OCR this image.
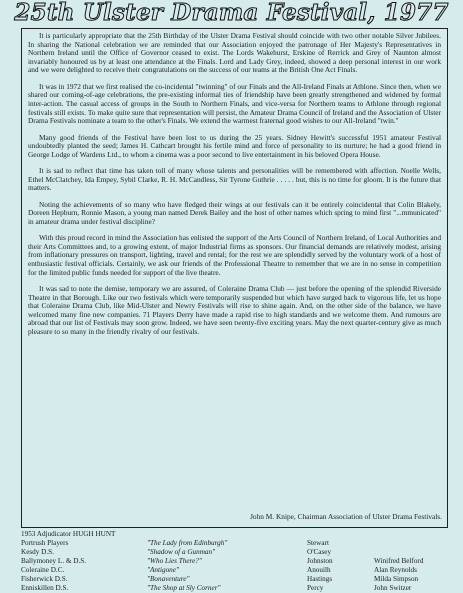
25th Ulster Drama Festival, 1977

It is particularly appropriate that the 25th Birthday of the Ulster Drama Festival should coincide with two other notable Silver Jubilees. In sharing the National celebration we are reminded that our Association enjoyed the patronage of Her Majesty's Representatives in Northern Ireland until the Office of Governor ceased to exist. The Lords Wakehurst, Erskine of Rerrick and Grey of Naunton almost invariably honoured us by at least one attendance at the Finals. Lord and Lady Grey, indeed, showed a deep personal interest in our work and we were delighted to receive their congratulations on the success of our teams at the British One Act Finals.

It was in 1972 that we first realised the co-incidental "twinning" of our Finals and the All-Ireland Finals at Athlone. Since then, when we shared our coming-of-age celebrations, the pre-existing informal ties of friendship have been greatly strengthened and widened by formal inter-action. The casual access of groups in the South to Northern Finals, and vice-versa for Northern teams to Athlone through regional festivals still exists. To make quite sure that representation will persist, the Amateur Drama Council of Ireland and the Association of Ulster Drama Festivals nominate a team to the other's Finals. We extend the warmest fraternal good wishes to our All-Ireland "twin."

Many good friends of the Festival have been lost to us during the 25 years. Sidney Hewitt's successful 1951 amateur Festival undoubtedly planted the seed; James H. Cathcart brought his fertile mind and force of personality to its nurture; he had a good friend in George Lodge of Wardens Ltd., to whom a cinema was a poor second to live entertainment in his beloved Opera House.

It is sad to reflect that time has taken toll of many whose talents and personalities will be remembered with affection. Noelle Wells, Ethel McClatchey, Ida Empey, Sybil Clarke, R. H. McCandless, Sir Tyrone Guthrie . . . . . but, this is no time for gloom. It is the future that matters.

Noting the achievements of so many who have fledged their wings at our festivals can it be entirely coincidental that Colin Blakely, Doreen Hepburn, Ronnie Mason, a young man named Derek Bailey and the host of other names which spring to mind first "...mmunicated" in amateur drama under festival discipline?

With this proud record in mind the Association has enlisted the support of the Arts Council of Northern Ireland, of Local Authorities and their Arts Committees and, to a growing extent, of major Industrial firms as sponsors. Our financial demands are relatively modest, arising from inflationary pressures on transport, lighting, travel and rental; for the rest we are splendidly served by the voluntary work of a host of enthusiastic festival officials. Certainly, we ask our friends of the Professional Theatre to remember that we are in no sense in competition for the limited public funds needed for support of the live theatre.

It was sad to note the demise, temporary we are assured, of Coleraine Drama Club — just before the opening of the splendid Riverside Theatre in that Borough. Like our two festivals which were temporarily suspended but which have surged back to vigorous life, let us hope that Coleraine Drama Club, like Mid-Ulster and Newry Festivals will rise to shine again. And, on the other side of the balance, we have welcomed many fine new companies. 71 Players Derry have made a rapid rise to high standards and we welcome them. And rumours are abroad that our list of Festivals may soon grow. Indeed, we have seen twenty-five exciting years. May the next quarter-century give as much pleasure to so many in the friendly rivalry of our festivals.

John M. Knipe, Chairman Association of Ulster Drama Festivals.
1953 Adjudicator HUGH HUNT
Portrush Players
Kesdy D.S.
Ballymoney L. & D.S.
Coleraine D.C.
Fisherwick D.S.
Enniskillen D.S.
"The Lady from Edinburgh"
"Shadow of a Gunman"
"Who Lies There?"
"Antigone"
"Bonaventure"
"The Shop at Sly Corner"
Stewart
O'Casey
Johnston
Anouilh
Hastings
Percy
Winifred Belford
Alan Reynolds
Milda Simpson
John Switzer
